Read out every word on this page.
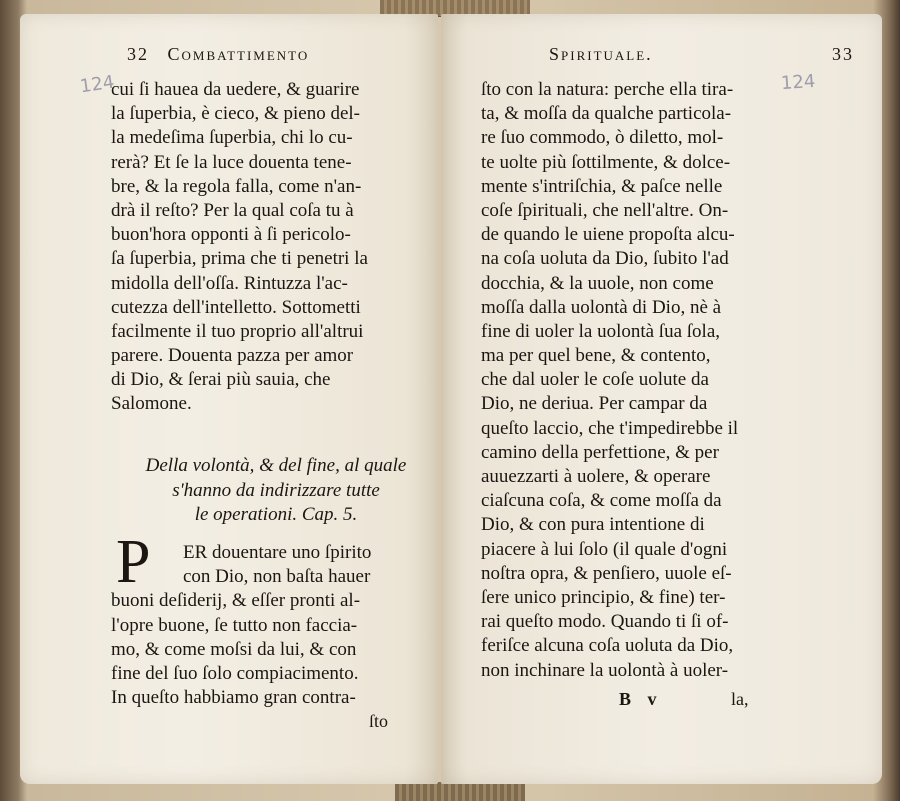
32 Combattimento
124
cui ſi hauea da uedere, & guarire
la ſuperbia, è cieco, & pieno del-
la medeſima ſuperbia, chi lo cu-
rerà? Et ſe la luce douenta tene-
bre, & la regola falla, come n'an-
drà il reſto? Per la qual coſa tu à
buon'hora opponti à ſi pericolo-
ſa ſuperbia, prima che ti penetri la
midolla dell'oſſa. Rintuzza l'ac-
cutezza dell'intelletto. Sottometti
facilmente il tuo proprio all'altrui
parere. Douenta pazza per amor
di Dio, & ſerai più sauia, che
Salomone.
Della volontà, & del fine, al quale
s'hanno da indirizzare tutte
le operationi. Cap. 5.
P	ER douentare uno ſpirito
con Dio, non baſta hauer
buoni deſiderij, & eſſer pronti al-
l'opre buone, ſe tutto non faccia-
mo, & come moſsi da lui, & con
fine del ſuo ſolo compiacimento.
In queſto habbiamo gran contra-
ſto
Spirituale.	33
124
ſto con la natura: perche ella tira-
ta, & moſſa da qualche particola-
re ſuo commodo, ò diletto, mol-
te uolte più ſottilmente, & dolce-
mente s'intriſchia, & paſce nelle
coſe ſpirituali, che nell'altre. On-
de quando le uiene propoſta alcu-
na coſa uoluta da Dio, ſubito l'ad
docchia, & la uuole, non come
moſſa dalla uolontà di Dio, nè à
fine di uoler la uolontà ſua ſola,
ma per quel bene, & contento,
che dal uoler le coſe uolute da
Dio, ne deriua. Per campar da
queſto laccio, che t'impedirebbe il
camino della perfettione, & per
auuezzarti à uolere, & operare
ciaſcuna coſa, & come moſſa da
Dio, & con pura intentione di
piacere à lui ſolo (il quale d'ogni
noſtra opra, & penſiero, uuole eſ-
ſere unico principio, & fine) ter-
rai queſto modo. Quando ti ſi of-
feriſce alcuna coſa uoluta da Dio,
non inchinare la uolontà à uoler-
B v	la,
